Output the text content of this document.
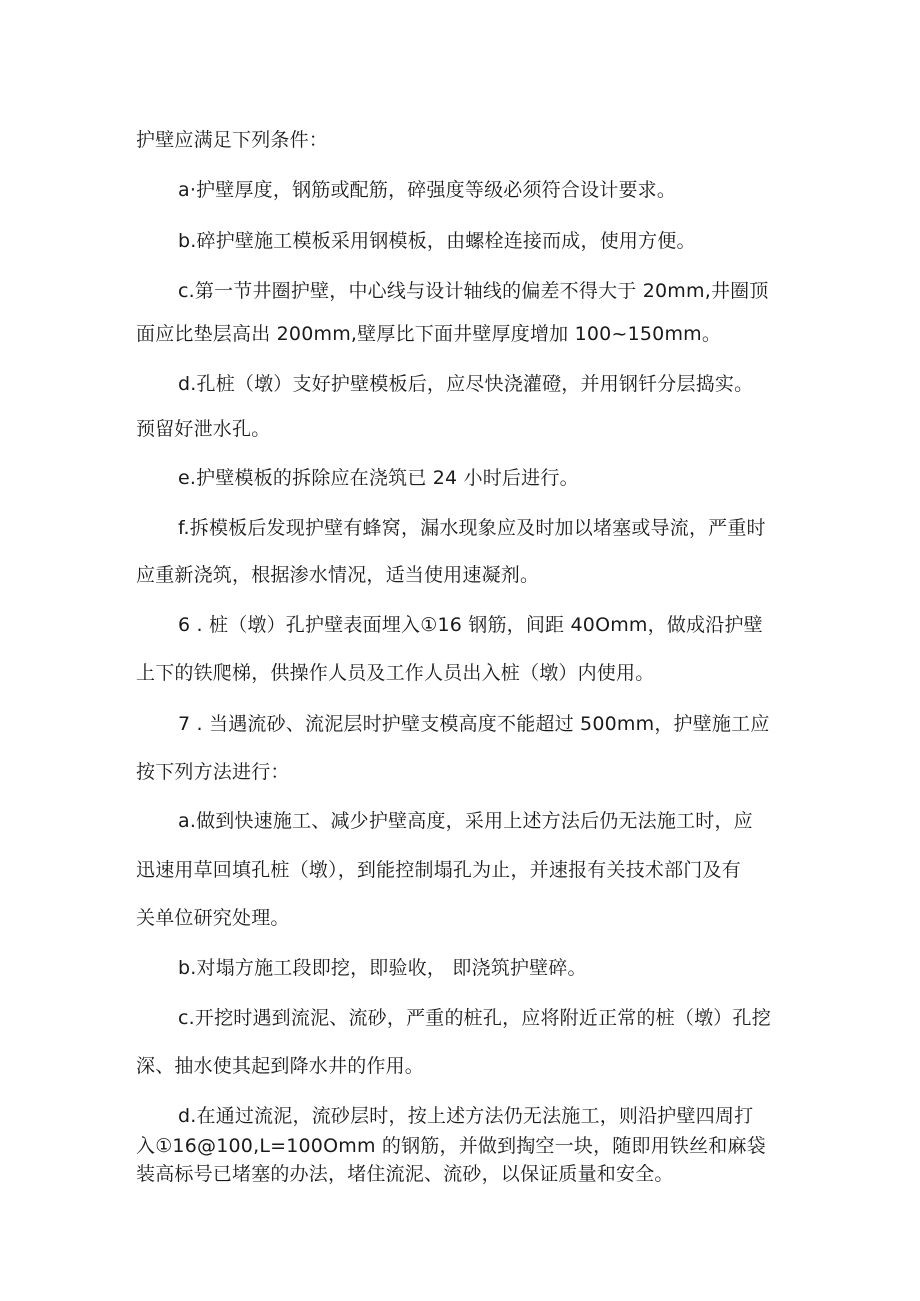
护壁应满足下列条件：
a·护壁厚度，钢筋或配筋，碎强度等级必须符合设计要求。
b.碎护壁施工模板采用钢模板，由螺栓连接而成，使用方便。
c.第一节井圈护壁，中心线与设计轴线的偏差不得大于 20mm,井圈顶
面应比垫层高出 200mm,壁厚比下面井壁厚度增加 100~150mm。
d.孔桩（墩）支好护壁模板后，应尽快浇灌磴，并用钢钎分层捣实。
预留好泄水孔。
e.护壁模板的拆除应在浇筑已 24 小时后进行。
f.拆模板后发现护壁有蜂窝，漏水现象应及时加以堵塞或导流，严重时
应重新浇筑，根据渗水情况，适当使用速凝剂。
6 . 桩（墩）孔护壁表面埋入①16 钢筋，间距 40Omm，做成沿护壁
上下的铁爬梯，供操作人员及工作人员出入桩（墩）内使用。
7 . 当遇流砂、流泥层时护壁支模高度不能超过 500mm，护壁施工应
按下列方法进行：
a.做到快速施工、减少护壁高度，采用上述方法后仍无法施工时，应
迅速用草回填孔桩（墩），到能控制塌孔为止，并速报有关技术部门及有
关单位研究处理。
b.对塌方施工段即挖，即验收， 即浇筑护壁碎。
c.开挖时遇到流泥、流砂，严重的桩孔，应将附近正常的桩（墩）孔挖
深、抽水使其起到降水井的作用。
d.在通过流泥，流砂层时，按上述方法仍无法施工，则沿护壁四周打
入①16@100,L=100Omm 的钢筋，并做到掏空一块，随即用铁丝和麻袋
装高标号已堵塞的办法，堵住流泥、流砂，以保证质量和安全。
